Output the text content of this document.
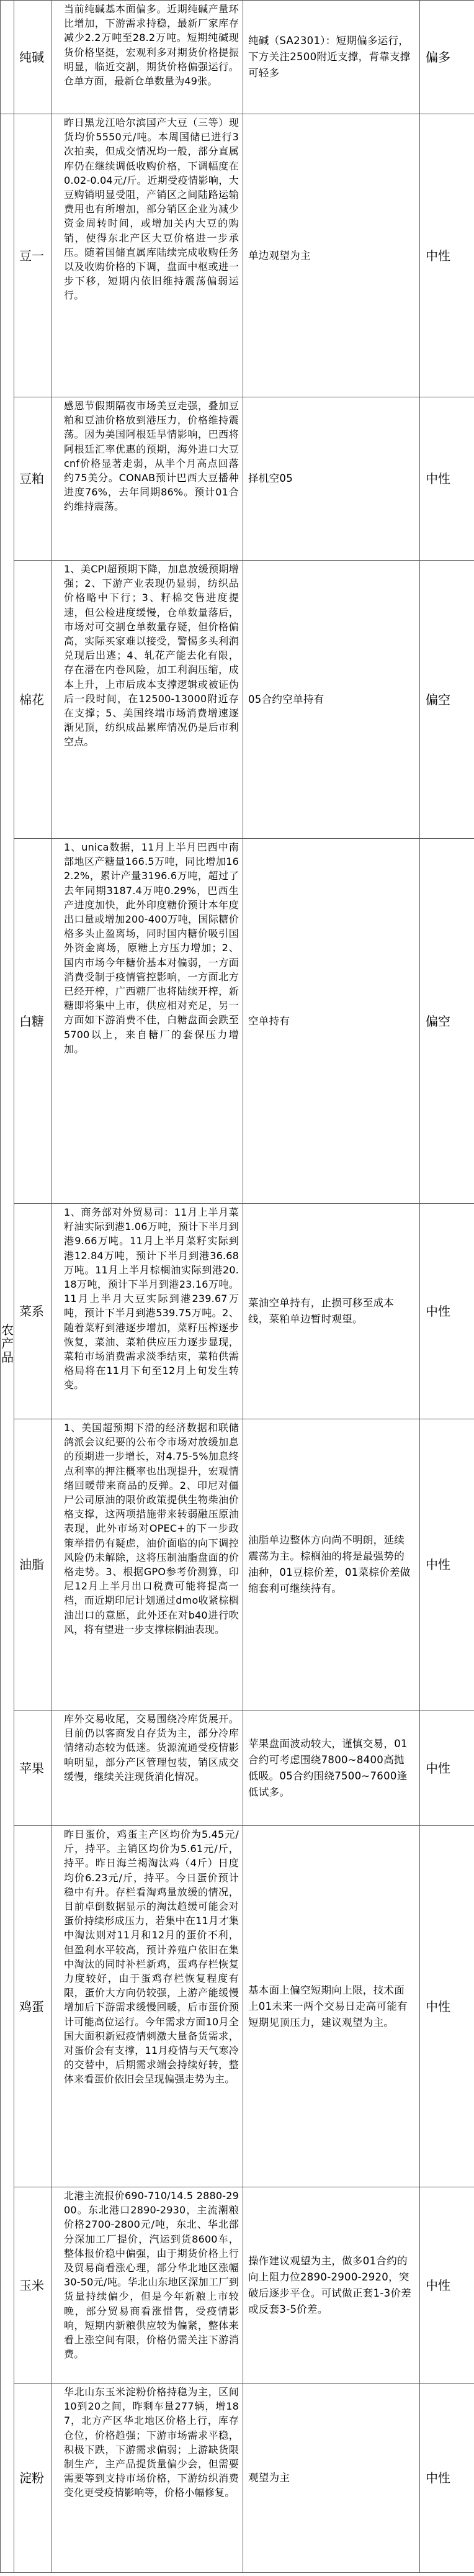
	纯碱	当前纯碱基本面偏多。近期纯碱产量环比增加，下游需求持稳，最新厂家库存减少2.2万吨至28.2万吨。短期纯碱现货价格坚挺，宏观利多对期货价格提振明显，临近交割，期货价格偏强运行。仓单方面，最新仓单数量为49张。	纯碱（SA2301）：短期偏多运行，下方关注2500附近支撑，背靠支撑可轻多	偏多
农产品	豆一	昨日黑龙江哈尔滨国产大豆（三等）现货均价5550元/吨。本周国储已进行3次拍卖，但成交情况均一般，部分直属库仍在继续调低收购价格，下调幅度在0.02-0.04元/斤。近期受疫情影响，大豆购销明显受阻，产销区之间陆路运输费用也有所增加，部分销区企业为减少资金周转时间，或增加关内大豆的购销，使得东北产区大豆价格进一步承压。随着国储直属库陆续完成收购任务以及收购价格的下调，盘面中枢或进一步下移，短期内依旧维持震荡偏弱运行。	单边观望为主	中性
	豆粕	感恩节假期隔夜市场美豆走强，叠加豆粕和豆油价格放到港压力，价格维持震荡。因为美国阿根廷旱情影响，巴西将阿根廷汇率优惠的预期，海外进口大豆cnf价格显著走弱，从半个月高点回落约75美分。CONAB预计巴西大豆播种进度76%，去年同期86%。预计01合约维持震荡。	择机空05	中性
	棉花	1、美CPI超预期下降，加息放缓预期增强；2、下游产业表现仍显弱，纺织品价格略中下行；3、籽棉交售进度提速，但公检进度缓慢，仓单数量落后，市场对可交割仓单数量存疑，但价格偏高，实际买家难以接受，警惕多头利润兑现后出逃；4、轧花产能去化有限，存在潜在内卷风险，加工利润压缩，成本上升，上市后成本支撑逻辑或被证伪后一段时间，在12500-13000附近存在支撑；5、美国终端市场消费增速逐渐见顶，纺织成品累库情况仍是后市利空点。	05合约空单持有	偏空
	白糖	1、unica数据，11月上半月巴西中南部地区产糖量166.5万吨，同比增加162.2%，累计产量3196.6万吨，超过了去年同期3187.4万吨0.29%，巴西生产进度加快，此外印度糖价预计本年度出口量或增加200-400万吨，国际糖价格多头止盈离场，同时国内糖价吸引国外资金离场，原糖上方压力增加；2、国内市场今年糖价基本对偏弱，一方面消费受制于疫情管控影响，一方面北方已经开榨，广西糖厂也将陆续开榨，新糖即将集中上市，供应相对充足，另一方面如下游消费不佳，白糖盘面会跌至5700以上，来自糖厂的套保压力增加。	空单持有	偏空
	菜系	1、商务部对外贸易司：11月上半月菜籽油实际到港1.06万吨，预计下半月到港9.66万吨。11月上半月菜籽实际到港12.84万吨，预计下半月到港36.68万吨。11月上半月棕榈油实际到港20.18万吨，预计下半月到港23.16万吨。11月上半月大豆实际到港239.67万吨，预计下半月到港539.75万吨。2、随着菜籽到港逐步增加，菜籽压榨逐步恢复，菜油、菜粕供应压力逐步显现，菜粕市场消费需求淡季结束，菜粕供需格局将在11月下旬至12月上旬发生转变。	菜油空单持有，止损可移至成本线，菜粕单边暂时观望。	中性
	油脂	1、美国超预期下滑的经济数据和联储鸽派会议纪要的公布令市场对放缓加息的预期进一步增长，对4.75-5%加息终点利率的押注概率也出现提升，宏观情绪回暖带来商品的反弹。2、印尼对僵尸公司原油的限价政策提供生物柴油价格支撑，这两项措施带来转弱融压原油表现，此外市场对OPEC+的下一步政策举措仍有疑虑，油价面临的向下调控风险仍未解除，这将压制油脂盘面的价格走势。3、根据GPO参考价测算，印尼12月上半月出口税费可能将提高一档，而近期印尼计划通过dmo收紧棕榈油出口的意愿，此外还在对b40进行吹风，将有望进一步支撑棕榈油表现。	油脂单边整体方向尚不明朗，延续震荡为主。棕榈油的将是最强势的油种，01豆棕价差，01菜棕价差做缩套利可继续持有。	中性
	苹果	库外交易收尾，交易围绕冷库货展开。目前仍以客商发自存货为主，部分冷库情绪动态较为低迷。货源流通受疫情影响明显，部分产区管理包装，销区成交缓慢，继续关注现货消化情况。	苹果盘面波动较大，谨慎交易，01合约可考虑围绕7800~8400高抛低吸。05合约围绕7500~7600逢低试多。	中性
	鸡蛋	昨日蛋价，鸡蛋主产区均价为5.45元/斤，持平。主销区均价为5.61元/斤，持平。昨日海兰褐淘汰鸡（4斤）日度均价6.23元/斤，持平。今日蛋价预计稳中有升。存栏看淘鸡量放缓的情况，目前卓倒数据显示的淘汰趋缓可能会对蛋价持续形成压力，若集中在11月才集中淘汰则对11月和12月的蛋价不利，但盈利水平较高，预计养殖户依旧在集中淘汰的同时补栏新鸡，蛋鸡存栏恢复力度较好，由于蛋鸡存栏恢复程度有限，蛋价大方向仍较强，上游产能缓慢增加后下游需求缓慢回暖，后市蛋价预计可能高位运行。今年需求方面10月全国大面积新冠疫情刺激大量备货需求，对蛋价会有支撑，11月疫情与天气寒冷的交替中，后期需求端会持续好转，整体来看蛋价依旧会呈现偏强走势为主。	基本面上偏空短期向上限，技术面上01未来一两个交易日走高可能有短期见顶压力，建议观望为主。	中性
	玉米	北港主流报价690-710/14.5 2880-2900。东北港口2890-2930，主流潮粮价格2700-2800元/吨，东北、华北部分深加工厂提价，汽运到货8600车，整体报价稳中偏强，由于期货价格上行及贸易商看涨心理，部分华北地区涨幅30-50元/吨。华北山东地区深加工厂到货量持续偏少，但是今年新粮上市较晚，部分贸易商看涨惜售，受疫情影响，短期内新粮供应较为偏紧，整体来看上涨空间有限，价格仍需关注下游消费。	操作建议观望为主，做多01合约的向上阻力位2890-2900-2920，突破后逐步平仓。可试做正套1-3价差或反套3-5价差。	中性
	淀粉	华北山东玉米淀粉价格持稳为主，区间10到20之间，昨剩车量277辆，增187，北方产区华北地区价格上行，库存仓位，价格趋强；下游市场需求平稳，积极下跌，下游需求偏弱；上游缺货限制生产，主产品提货量偏少会，但需要需要等到支持市场价格，下游纺织消费变化更受疫情影响等，价格小幅修复。	观望为主	中性
